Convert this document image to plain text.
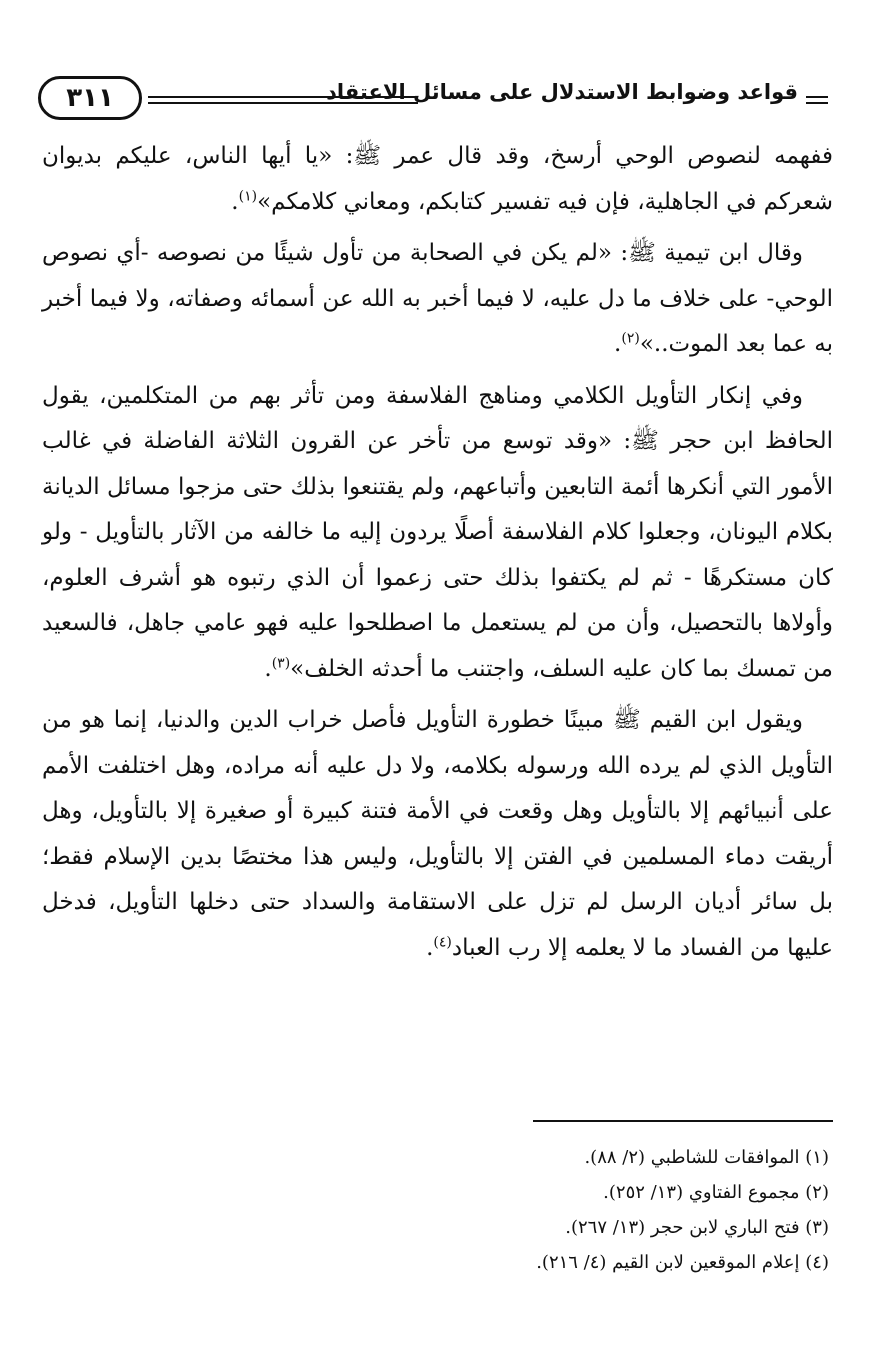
قواعد وضوابط الاستدلال على مسائل الاعتقاد
٣١١

ففهمه لنصوص الوحي أرسخ، وقد قال عمر ﷺ: «يا أيها الناس، عليكم بديوان شعركم في الجاهلية، فإن فيه تفسير كتابكم، ومعاني كلامكم»$^{(١)}$.

وقال ابن تيمية ﷺ: «لم يكن في الصحابة من تأول شيئًا من نصوصه -أي نصوص الوحي- على خلاف ما دل عليه، لا فيما أخبر به الله عن أسمائه وصفاته، ولا فيما أخبر به عما بعد الموت..»$^{(٢)}$.

وفي إنكار التأويل الكلامي ومناهج الفلاسفة ومن تأثر بهم من المتكلمين، يقول الحافظ ابن حجر ﷺ: «وقد توسع من تأخر عن القرون الثلاثة الفاضلة في غالب الأمور التي أنكرها أئمة التابعين وأتباعهم، ولم يقتنعوا بذلك حتى مزجوا مسائل الديانة بكلام اليونان، وجعلوا كلام الفلاسفة أصلًا يردون إليه ما خالفه من الآثار بالتأويل - ولو كان مستكرهًا - ثم لم يكتفوا بذلك حتى زعموا أن الذي رتبوه هو أشرف العلوم، وأولاها بالتحصيل، وأن من لم يستعمل ما اصطلحوا عليه فهو عامي جاهل، فالسعيد من تمسك بما كان عليه السلف، واجتنب ما أحدثه الخلف»$^{(٣)}$.

ويقول ابن القيم ﷺ مبينًا خطورة التأويل فأصل خراب الدين والدنيا، إنما هو من التأويل الذي لم يرده الله ورسوله بكلامه، ولا دل عليه أنه مراده، وهل اختلفت الأمم على أنبيائهم إلا بالتأويل وهل وقعت في الأمة فتنة كبيرة أو صغيرة إلا بالتأويل، وهل أريقت دماء المسلمين في الفتن إلا بالتأويل، وليس هذا مختصًا بدين الإسلام فقط؛ بل سائر أديان الرسل لم تزل على الاستقامة والسداد حتى دخلها التأويل، فدخل عليها من الفساد ما لا يعلمه إلا رب العباد$^{(٤)}$.

(١) الموافقات للشاطبي (٢/ ٨٨).

(٢) مجموع الفتاوي (١٣/ ٢٥٢).

(٣) فتح الباري لابن حجر (١٣/ ٢٦٧).

(٤) إعلام الموقعين لابن القيم (٤/ ٢١٦).
